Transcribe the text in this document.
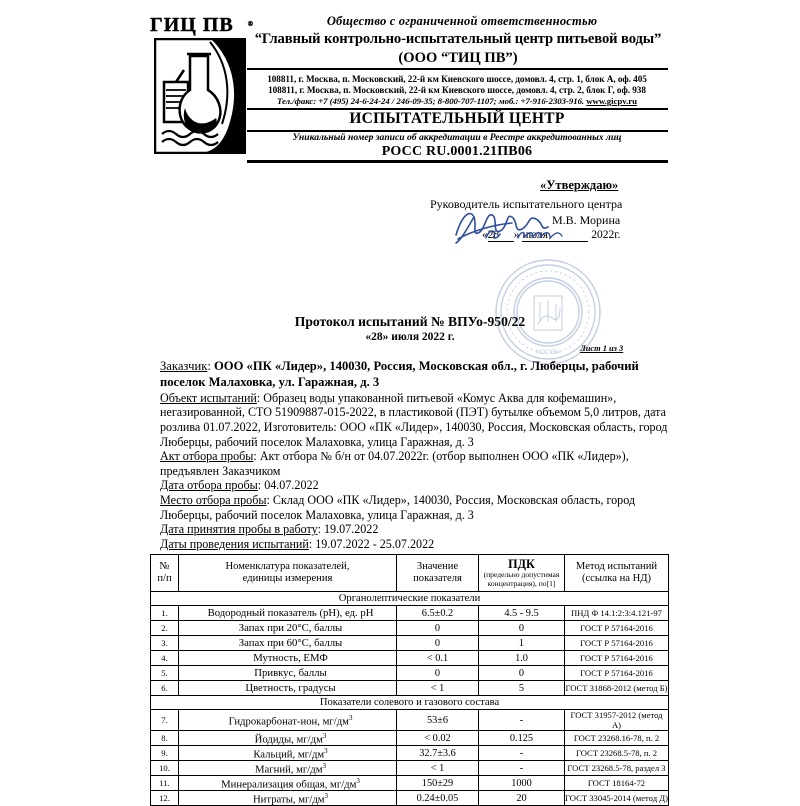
ГИЦ ПВ ®	Общество с ограниченной ответственностью
“Главный контрольно-испытательный центр питьевой воды”
(ООО “ТИЦ ПВ”)
108811, г. Москва, п. Московский, 22-й км Киевского шоссе, домовл. 4, стр. 1, блок А, оф. 405
108811, г. Москва, п. Московский, 22-й км Киевского шоссе, домовл. 4, стр. 2, блок Г, оф. 938
Тел./факс: +7 (495) 24-6-24-24 / 246-09-35; 8-800-707-1107; моб.: +7-916-2303-916. www.gicpv.ru
ИСПЫТАТЕЛЬНЫЙ ЦЕНТР
Уникальный номер записи об аккредитации в Реестре аккредитованных лиц
РОСС RU.0001.21ПВ06
«Утверждаю»
Руководитель испытательного центра
М.В. Морина
«28 » июля	2022г.
МОСКВА
Протокол испытаний № ВПУо-950/22
«28» июля 2022 г.
Лист 1 из 3
Заказчик: ООО «ПК «Лидер», 140030, Россия, Московская обл., г. Люберцы, рабочий поселок Малаховка, ул. Гаражная, д. 3
Объект испытаний: Образец воды упакованной питьевой «Комус Аква для кофемашин», негазированной, СТО 51909887-015-2022, в пластиковой (ПЭТ) бутылке объемом 5,0 литров, дата розлива 01.07.2022, Изготовитель: ООО «ПК «Лидер», 140030, Россия, Московская область, город Люберцы, рабочий поселок Малаховка, улица Гаражная, д. 3
Акт отбора пробы: Акт отбора № б/н от 04.07.2022г. (отбор выполнен ООО «ПК «Лидер»), предъявлен Заказчиком
Дата отбора пробы: 04.07.2022
Место отбора пробы: Склад ООО «ПК «Лидер», 140030, Россия, Московская область, город Люберцы, рабочий поселок Малаховка, улица Гаражная, д. 3
Дата принятия пробы в работу: 19.07.2022
Даты проведения испытаний: 19.07.2022 - 25.07.2022
№
п/п

Номенклатура показателей,
единицы измерения

Значение
показателя

ПДК
(предельно допустимая
концентрация), по[1]

Метод испытаний
(ссылка на НД)

Органолептические показатели				
1.	Водородный показатель (pH), ед. pH	6.5±0.2	4.5 - 9.5	ПНД Ф 14.1:2:3:4.121-97
2.	Запах при 20°С, баллы	0	0	ГОСТ Р 57164-2016
3.	Запах при 60°С, баллы	0	1	ГОСТ Р 57164-2016
4.	Мутность, ЕМФ	< 0.1	1.0	ГОСТ Р 57164-2016
5.	Привкус, баллы	0	0	ГОСТ Р 57164-2016
6.	Цветность, градусы	< 1	5	ГОСТ 31868-2012 (метод Б)
Показатели солевого и газового состава				
7.	Гидрокарбонат-ион, $мг/дм^3$	53±6	-	ГОСТ 31957-2012 (метод А)
8.	Йодиды, $мг/дм^3$	< 0.02	0.125	ГОСТ 23268.16-78, п. 2
9.	Кальций, $мг/дм^3$	32.7±3.6	-	ГОСТ 23268.5-78, п. 2
10.	Магний, $мг/дм^3$	< 1	-	ГОСТ 23268.5-78, раздел 3
11.	Минерализация общая, $мг/дм^3$	150±29	1000	ГОСТ 18164-72
12.	Нитраты, $мг/дм^3$	0.24±0.05	20	ГОСТ 33045-2014 (метод Д)
